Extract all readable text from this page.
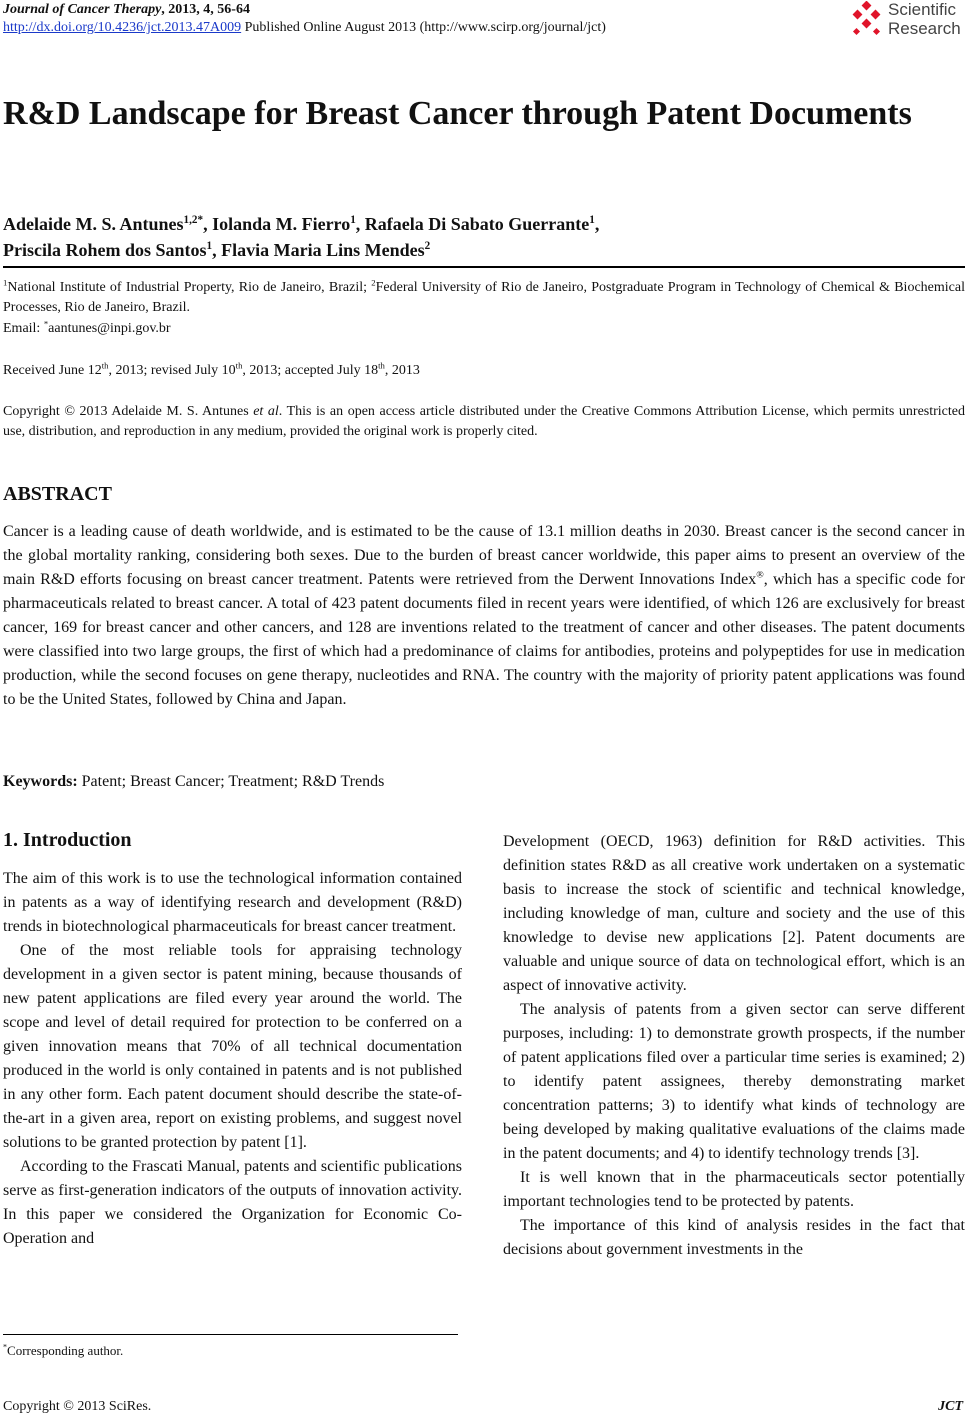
Journal of Cancer Therapy, 2013, 4, 56-64
http://dx.doi.org/10.4236/jct.2013.47A009 Published Online August 2013 (http://www.scirp.org/journal/jct)
Scientific
Research
R&D Landscape for Breast Cancer through Patent Documents
Adelaide M. S. Antunes$^{1,2*}$, Iolanda M. Fierro$^1$, Rafaela Di Sabato Guerrante$^1$,
Priscila Rohem dos Santos$^1$, Flavia Maria Lins Mendes$^2$
$^1$National Institute of Industrial Property, Rio de Janeiro, Brazil; $^2$Federal University of Rio de Janeiro, Postgraduate Program in Technology of Chemical & Biochemical Processes, Rio de Janeiro, Brazil.
Email: *aantunes@inpi.gov.br
Received June 12th, 2013; revised July 10th, 2013; accepted July 18th, 2013
Copyright © 2013 Adelaide M. S. Antunes et al. This is an open access article distributed under the Creative Commons Attribution License, which permits unrestricted use, distribution, and reproduction in any medium, provided the original work is properly cited.
ABSTRACT
Cancer is a leading cause of death worldwide, and is estimated to be the cause of 13.1 million deaths in 2030. Breast cancer is the second cancer in the global mortality ranking, considering both sexes. Due to the burden of breast cancer worldwide, this paper aims to present an overview of the main R&D efforts focusing on breast cancer treatment. Patents were retrieved from the Derwent Innovations Index®, which has a specific code for pharmaceuticals related to breast cancer. A total of 423 patent documents filed in recent years were identified, of which 126 are exclusively for breast cancer, 169 for breast cancer and other cancers, and 128 are inventions related to the treatment of cancer and other diseases. The patent documents were classified into two large groups, the first of which had a predominance of claims for antibodies, proteins and polypeptides for use in medication production, while the second focuses on gene therapy, nucleotides and RNA. The country with the majority of priority patent applications was found to be the United States, followed by China and Japan.
Keywords: Patent; Breast Cancer; Treatment; R&D Trends
1. Introduction

The aim of this work is to use the technological information contained in patents as a way of identifying research and development (R&D) trends in biotechnological pharmaceuticals for breast cancer treatment.

One of the most reliable tools for appraising technology development in a given sector is patent mining, because thousands of new patent applications are filed every year around the world. The scope and level of detail required for protection to be conferred on a given innovation means that 70% of all technical documentation produced in the world is only contained in patents and is not published in any other form. Each patent document should describe the state-of-the-art in a given area, report on existing problems, and suggest novel solutions to be granted protection by patent [1].

According to the Frascati Manual, patents and scientific publications serve as first-generation indicators of the outputs of innovation activity. In this paper we considered the Organization for Economic Co-Operation and

Development (OECD, 1963) definition for R&D activities. This definition states R&D as all creative work undertaken on a systematic basis to increase the stock of scientific and technical knowledge, including knowledge of man, culture and society and the use of this knowledge to devise new applications [2]. Patent documents are valuable and unique source of data on technological effort, which is an aspect of innovative activity.

The analysis of patents from a given sector can serve different purposes, including: 1) to demonstrate growth prospects, if the number of patent applications filed over a particular time series is examined; 2) to identify patent assignees, thereby demonstrating market concentration patterns; 3) to identify what kinds of technology are being developed by making qualitative evaluations of the claims made in the patent documents; and 4) to identify technology trends [3].

It is well known that in the pharmaceuticals sector potentially important technologies tend to be protected by patents.

The importance of this kind of analysis resides in the fact that decisions about government investments in the

*Corresponding author.
Copyright © 2013 SciRes.	JCT
